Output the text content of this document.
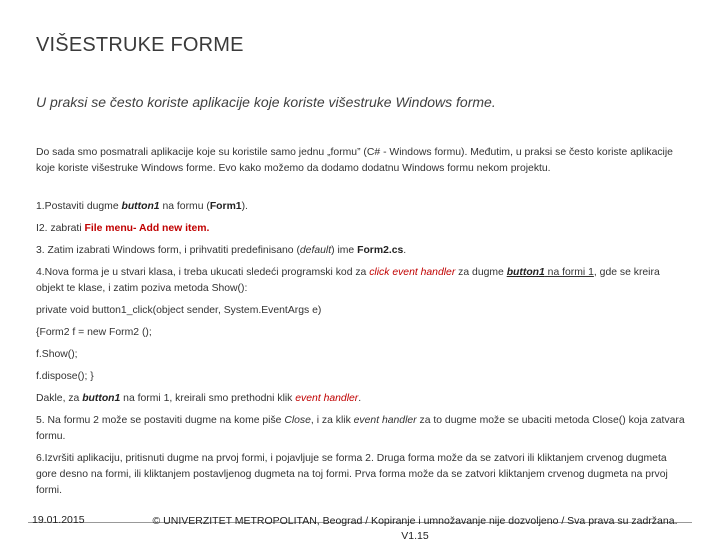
VIŠESTRUKE FORME
U praksi se često koriste aplikacije koje koriste višestruke Windows forme.

Do sada smo posmatrali aplikacije koje su koristile samo jednu „formu” (C# - Windows formu). Međutim, u praksi se često koriste aplikacije koje koriste višestruke Windows forme. Evo kako možemo da dodamo dodatnu Windows formu nekom projektu.

1.Postaviti dugme button1 na formu (Form1).

I2. zabrati File menu- Add new item.

3. Zatim izabrati Windows form, i prihvatiti predefinisano (default) ime Form2.cs.

4.Nova forma je u stvari klasa, i treba ukucati sledeći programski kod za click event handler za dugme button1 na formi 1, gde se kreira objekt te klase, i zatim poziva metoda Show():

private void button1_click(object sender, System.EventArgs e)

{Form2 f = new Form2 ();

f.Show();

f.dispose(); }

Dakle, za button1 na formi 1, kreirali smo prethodni klik event handler.

5. Na formu 2 može se postaviti dugme na kome piše Close, i za klik event handler za to dugme može se ubaciti metoda Close() koja zatvara formu.

6.Izvršiti aplikaciju, pritisnuti dugme na prvoj formi, i pojavljuje se forma 2. Druga forma može da se zatvori ili kliktanjem crvenog dugmeta gore desno na formi, ili kliktanjem postavljenog dugmeta na toj formi. Prva forma može da se zatvori kliktanjem crvenog dugmeta na prvoj formi.

19.01.2015	© UNIVERZITET METROPOLITAN, Beograd / Kopiranje i umnožavanje nije dozvoljeno / Sva prava su zadržana. V1.15
